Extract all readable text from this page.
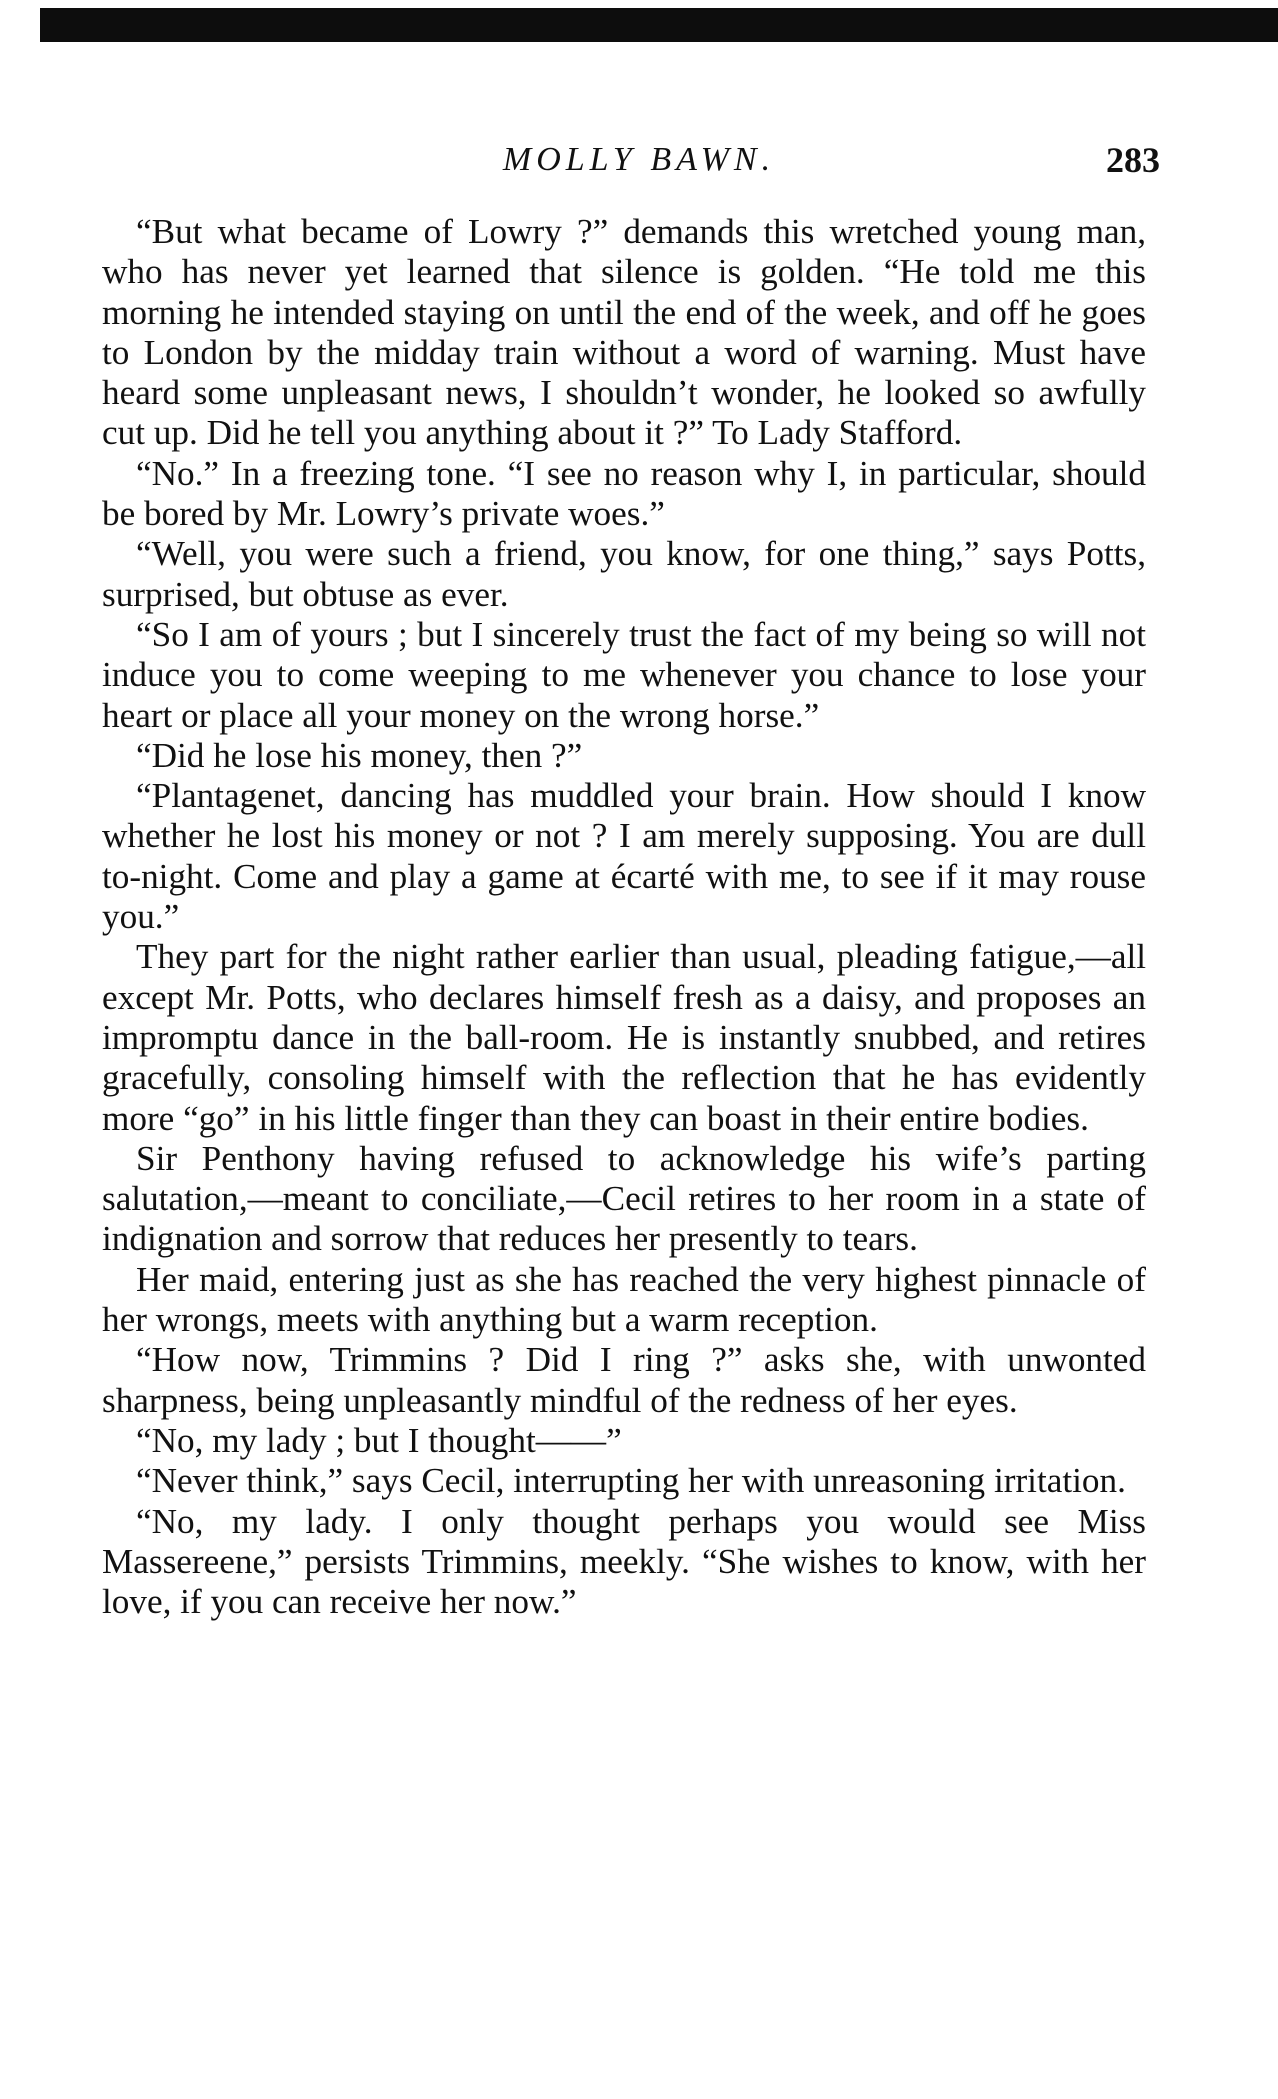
MOLLY BAWN.	283

“But what became of Lowry ?” demands this wretched young man, who has never yet learned that silence is golden. “He told me this morning he intended staying on until the end of the week, and off he goes to London by the midday train without a word of warning. Must have heard some unpleasant news, I shouldn’t wonder, he looked so awfully cut up. Did he tell you anything about it ?” To Lady Stafford.

“No.” In a freezing tone. “I see no reason why I, in particular, should be bored by Mr. Lowry’s private woes.”

“Well, you were such a friend, you know, for one thing,” says Potts, surprised, but obtuse as ever.

“So I am of yours ; but I sincerely trust the fact of my being so will not induce you to come weeping to me whenever you chance to lose your heart or place all your money on the wrong horse.”

“Did he lose his money, then ?”

“Plantagenet, dancing has muddled your brain. How should I know whether he lost his money or not ? I am merely supposing. You are dull to-night. Come and play a game at écarté with me, to see if it may rouse you.”

They part for the night rather earlier than usual, pleading fatigue,—all except Mr. Potts, who declares himself fresh as a daisy, and proposes an impromptu dance in the ball-room. He is instantly snubbed, and retires gracefully, consoling himself with the reflection that he has evidently more “go” in his little finger than they can boast in their entire bodies.

Sir Penthony having refused to acknowledge his wife’s parting salutation,—meant to conciliate,—Cecil retires to her room in a state of indignation and sorrow that reduces her presently to tears.

Her maid, entering just as she has reached the very highest pinnacle of her wrongs, meets with anything but a warm reception.

“How now, Trimmins ? Did I ring ?” asks she, with unwonted sharpness, being unpleasantly mindful of the redness of her eyes.

“No, my lady ; but I thought——”

“Never think,” says Cecil, interrupting her with unreasoning irritation.

“No, my lady. I only thought perhaps you would see Miss Massereene,” persists Trimmins, meekly. “She wishes to know, with her love, if you can receive her now.”
